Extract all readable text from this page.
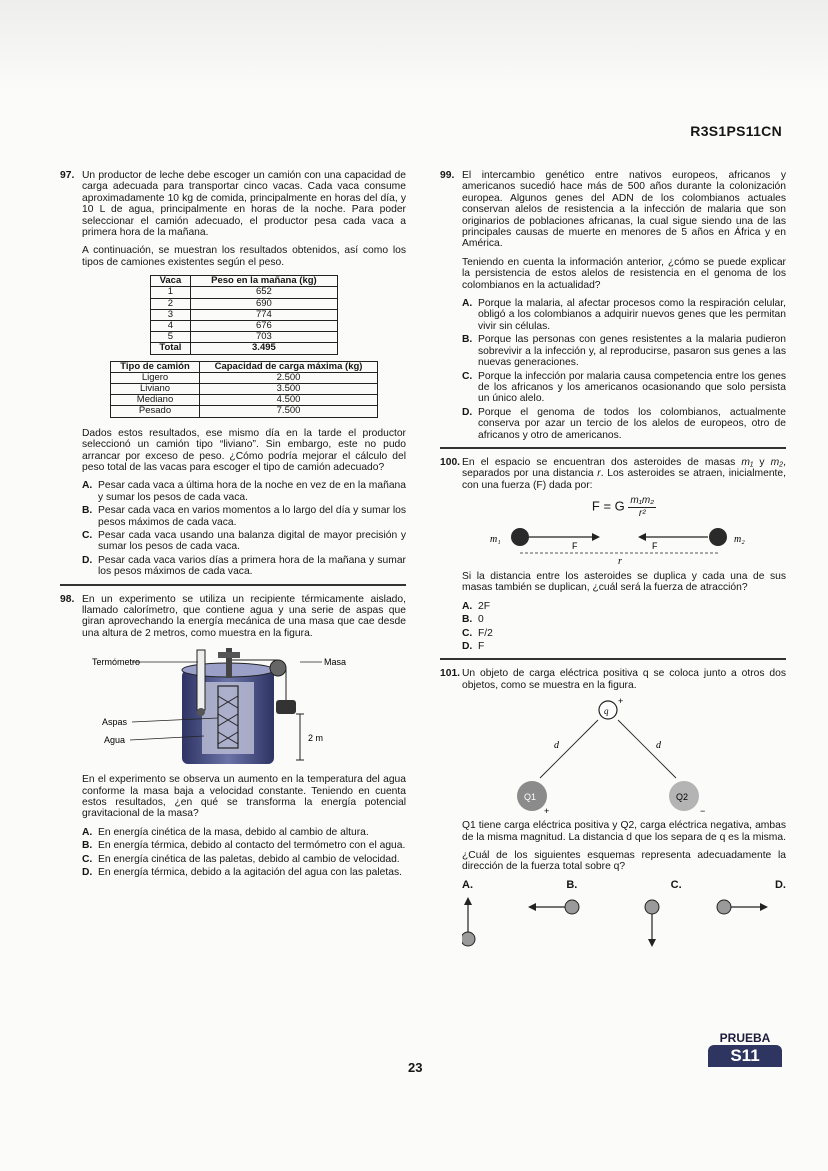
R3S1PS11CN
97. Un productor de leche debe escoger un camión con una capacidad de carga adecuada para transportar cinco vacas. Cada vaca consume aproximadamente 10 kg de comida, principalmente en horas del día, y 10 L de agua, principalmente en horas de la noche. Para poder seleccionar el camión adecuado, el productor pesa cada vaca a primera hora de la mañana.

A continuación, se muestran los resultados obtenidos, así como los tipos de camiones existentes según el peso.

Vaca	Peso en la mañana (kg)
1	652
2	690
3	774
4	676
5	703
Total	3.495
Tipo de camión	Capacidad de carga máxima (kg)
Ligero	2.500
Liviano	3.500
Mediano	4.500
Pesado	7.500

Dados estos resultados, ese mismo día en la tarde el productor seleccionó un camión tipo “liviano”. Sin embargo, este no pudo arrancar por exceso de peso. ¿Cómo podría mejorar el cálculo del peso total de las vacas para escoger el tipo de camión adecuado?

A. Pesar cada vaca a última hora de la noche en vez de en la mañana y sumar los pesos de cada vaca.
B. Pesar cada vaca en varios momentos a lo largo del día y sumar los pesos máximos de cada vaca.
C. Pesar cada vaca usando una balanza digital de mayor precisión y sumar los pesos de cada vaca.
D. Pesar cada vaca varios días a primera hora de la mañana y sumar los pesos máximos de cada vaca.
98. En un experimento se utiliza un recipiente térmicamente aislado, llamado calorímetro, que contiene agua y una serie de aspas que giran aprovechando la energía mecánica de una masa que cae desde una altura de 2 metros, como muestra en la figura.

Termómetro	Masa
Aspas
Agua	2 m

En el experimento se observa un aumento en la temperatura del agua conforme la masa baja a velocidad constante. Teniendo en cuenta estos resultados, ¿en qué se transforma la energía potencial gravitacional de la masa?

A. En energía cinética de la masa, debido al cambio de altura.
B. En energía térmica, debido al contacto del termómetro con el agua.
C. En energía cinética de las paletas, debido al cambio de velocidad.
D. En energía térmica, debido a la agitación del agua con las paletas.
99. El intercambio genético entre nativos europeos, africanos y americanos sucedió hace más de 500 años durante la colonización europea. Algunos genes del ADN de los colombianos actuales conservan alelos de resistencia a la infección de malaria que son originarios de poblaciones africanas, la cual sigue siendo una de las principales causas de muerte en menores de 5 años en África y en América.

Teniendo en cuenta la información anterior, ¿cómo se puede explicar la persistencia de estos alelos de resistencia en el genoma de los colombianos en la actualidad?

A. Porque la malaria, al afectar procesos como la respiración celular, obligó a los colombianos a adquirir nuevos genes que les permitan vivir sin células.
B. Porque las personas con genes resistentes a la malaria pudieron sobrevivir a la infección y, al reproducirse, pasaron sus genes a las nuevas generaciones.
C. Porque la infección por malaria causa competencia entre los genes de los africanos y los americanos ocasionando que solo persista un único alelo.
D. Porque el genoma de todos los colombianos, actualmente conserva por azar un tercio de los alelos de europeos, otro de africanos y otro de americanos.
100. En el espacio se encuentran dos asteroides de masas m₁ y m₂, separados por una distancia r. Los asteroides se atraen, inicialmente, con una fuerza (F) dada por:

F = G $\frac{\text{m₁m₂}}{\text{r²}}$
m₁
F	F
m₂
r

Si la distancia entre los asteroides se duplica y cada una de sus masas también se duplican, ¿cuál será la fuerza de atracción?

A. 2F
B. 0
C. F/2
D. F
101. Un objeto de carga eléctrica positiva q se coloca junto a otros dos objetos, como se muestra en la figura.

q
+
d	d
Q1
+
Q2
−

Q1 tiene carga eléctrica positiva y Q2, carga eléctrica negativa, ambas de la misma magnitud. La distancia d que los separa de q es la misma.

¿Cuál de los siguientes esquemas representa adecuadamente la dirección de la fuerza total sobre q?

A.	B.	C.	D.
23
PRUEBA
S11
